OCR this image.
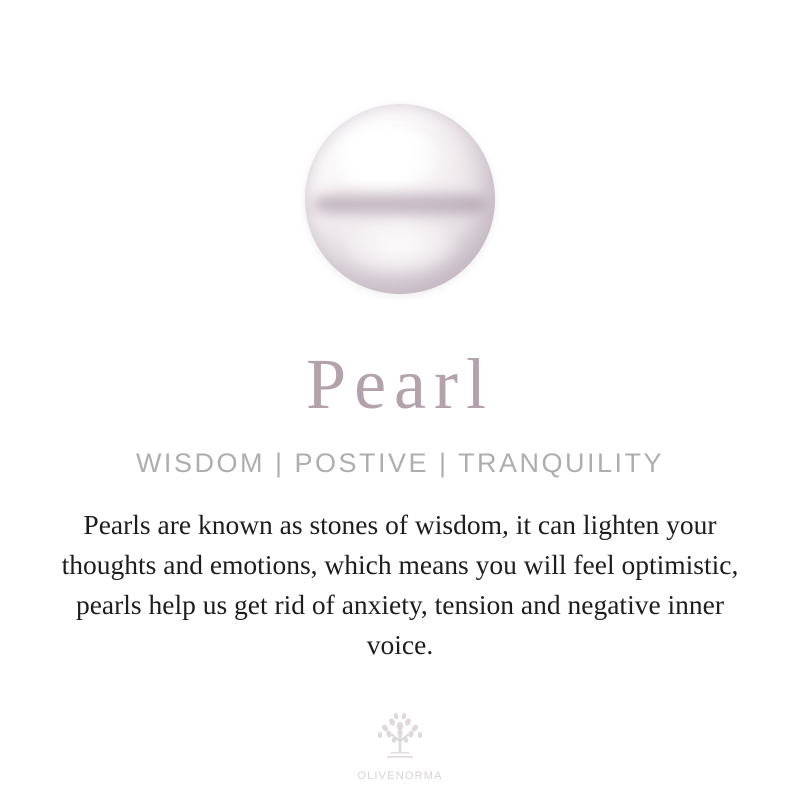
Pearl
WISDOM | POSTIVE | TRANQUILITY
Pearls are known as stones of wisdom, it can lighten your thoughts and emotions, which means you will feel optimistic, pearls help us get rid of anxiety, tension and negative inner voice.
OLIVENORMA
